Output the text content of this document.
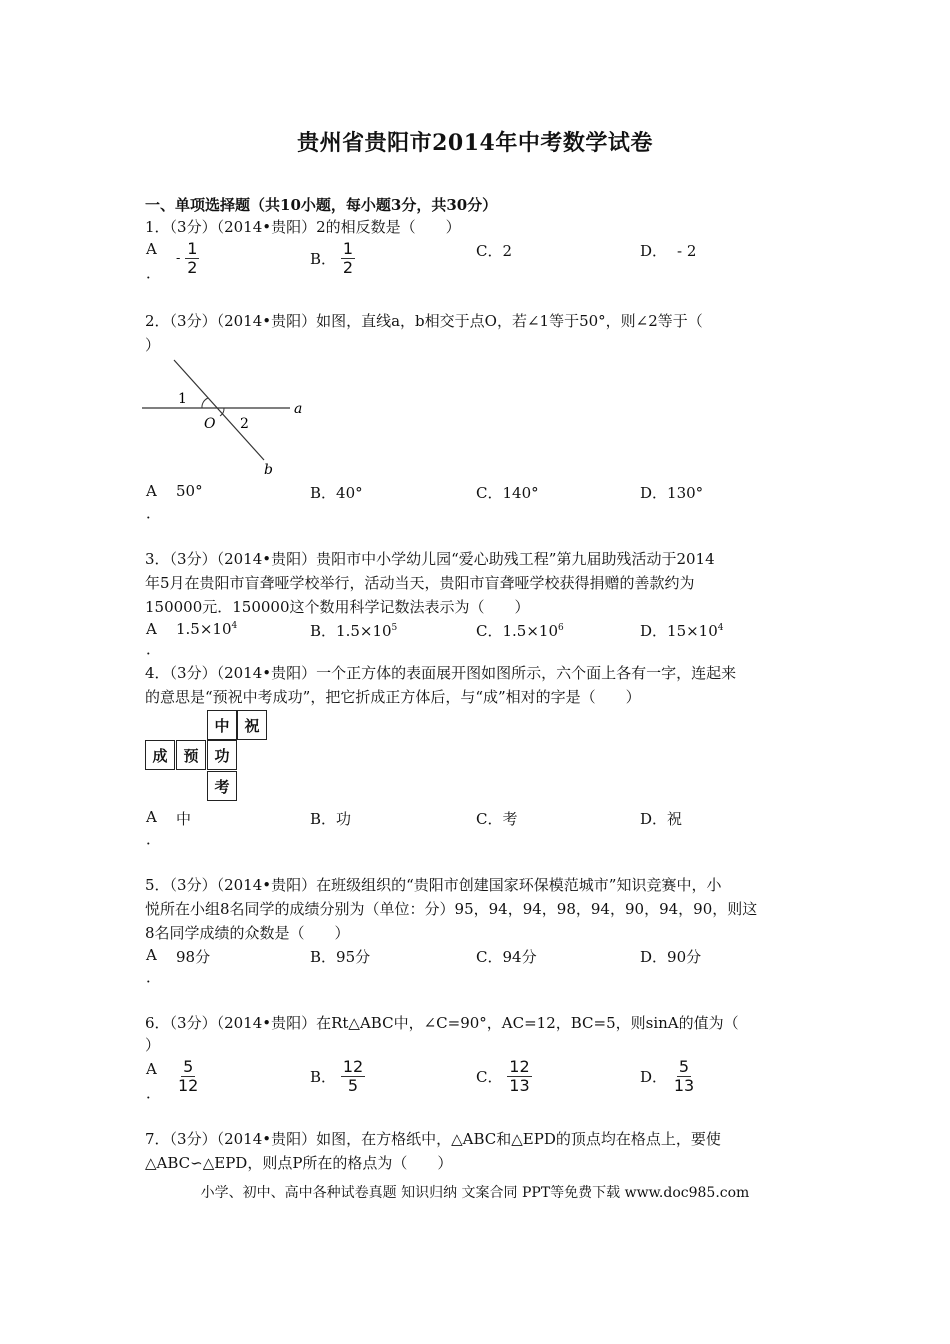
贵州省贵阳市2014年中考数学试卷
一、单项选择题（共10小题，每小题3分，共30分）
1．（3分）（2014•贵阳）2的相反数是（　　）
A
．
- $\frac{1}{2}$	B． $\frac{1}{2}$	C．2	D． - 2
2．（3分）（2014•贵阳）如图，直线a，b相交于点O，若∠1等于50°，则∠2等于（
）
1
2
O
a
b
A
．
50°	B．40°	C．140°	D．130°
3．（3分）（2014•贵阳）贵阳市中小学幼儿园“爱心助残工程”第九届助残活动于2014
年5月在贵阳市盲聋哑学校举行，活动当天，贵阳市盲聋哑学校获得捐赠的善款约为
150000元．150000这个数用科学记数法表示为（　　）
A
．
$1.5\times 10^4$	B．$1.5\times 10^5$	C．$1.5\times 10^6$	D．$15\times 10^4$
4．（3分）（2014•贵阳）一个正方体的表面展开图如图所示，六个面上各有一字，连起来
的意思是“预祝中考成功”，把它折成正方体后，与“成”相对的字是（　　）
中 祝
成	预	功
考
A
．
中	B．功	C．考	D．祝
5．（3分）（2014•贵阳）在班级组织的“贵阳市创建国家环保模范城市”知识竞赛中，小
悦所在小组8名同学的成绩分别为（单位：分）95，94，94，98，94，90，94，90，则这
8名同学成绩的众数是（　　）
A
．
98分	B．95分	C．94分	D．90分
6．（3分）（2014•贵阳）在Rt△ABC中，∠C=90°，AC=12，BC=5，则sinA的值为（
）
A
． $\frac{5}{12}$	B． $\frac{12}{5}$	C． $\frac{12}{13}$	D． $\frac{5}{13}$
7．（3分）（2014•贵阳）如图，在方格纸中，△ABC和△EPD的顶点均在格点上，要使
△ABC∽△EPD，则点P所在的格点为（　　）
小学、初中、高中各种试卷真题 知识归纳 文案合同 PPT等免费下载 www.doc985.com
